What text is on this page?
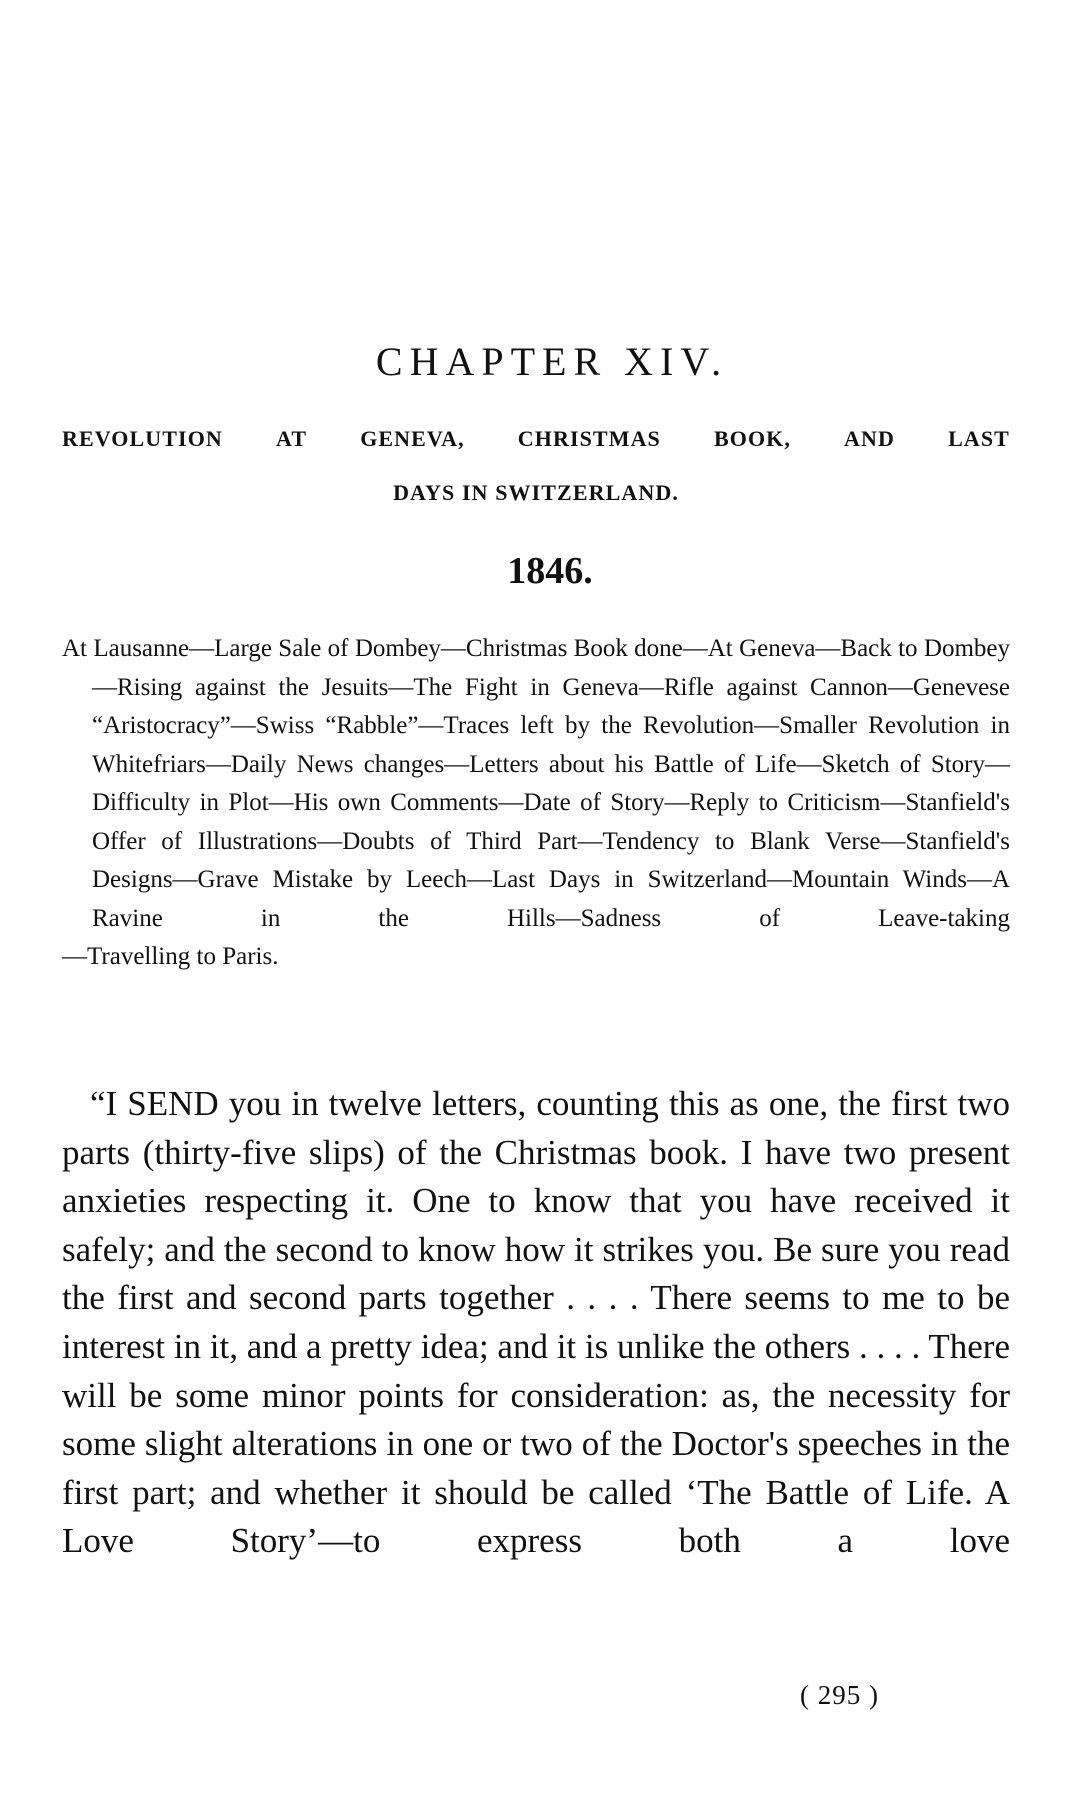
CHAPTER XIV.
REVOLUTION AT GENEVA, CHRISTMAS BOOK, AND LAST
DAYS IN SWITZERLAND.
1846.

At Lausanne—Large Sale of Dombey—Christmas Book done—At Geneva—Back to Dombey—Rising against the Jesuits—The Fight in Geneva—Rifle against Cannon—Genevese “Aristocracy”—Swiss “Rabble”—Traces left by the Revolution—Smaller Revolution in Whitefriars—Daily News changes—Letters about his Battle of Life—Sketch of Story—Difficulty in Plot—His own Comments—Date of Story—Reply to Criticism—Stanfield's Offer of Illustrations—Doubts of Third Part—Tendency to Blank Verse—Stanfield's Designs—Grave Mistake by Leech—Last Days in Switzerland—Mountain Winds—A Ravine in the Hills—Sadness of Leave-taking
—Travelling to Paris.

“I SEND you in twelve letters, counting this as one, the first two parts (thirty-five slips) of the Christmas book. I have two present anxieties respecting it. One to know that you have received it safely; and the second to know how it strikes you. Be sure you read the first and second parts together . . . . There seems to me to be interest in it, and a pretty idea; and it is unlike the others . . . . There will be some minor points for consideration: as, the necessity for some slight alterations in one or two of the Doctor's speeches in the first part; and whether it should be called ‘The Battle of Life. A Love Story’—to express both a love

( 295 )
